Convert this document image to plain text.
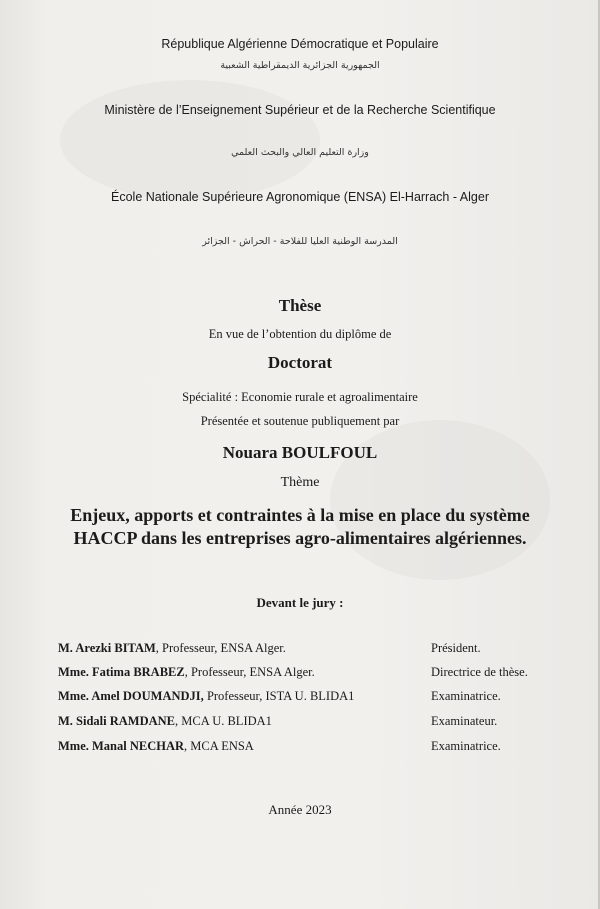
République Algérienne Démocratique et Populaire
الجمهورية الجزائرية الديمقراطية الشعبية
Ministère de l’Enseignement Supérieur et de la Recherche Scientifique
وزارة التعليم العالي والبحث العلمي
École Nationale Supérieure Agronomique (ENSA) El-Harrach - Alger
المدرسة الوطنية العليا للفلاحة - الحراش - الجزائر
Thèse
En vue de l’obtention du diplôme de
Doctorat
Spécialité : Economie rurale et agroalimentaire
Présentée et soutenue publiquement par
Nouara BOULFOUL
Thème
Enjeux, apports et contraintes à la mise en place du système
HACCP dans les entreprises agro-alimentaires algériennes.
Devant le jury :
M. Arezki BITAM, Professeur, ENSA Alger.	Président.
Mme. Fatima BRABEZ, Professeur, ENSA Alger.	Directrice de thèse.
Mme. Amel DOUMANDJI, Professeur, ISTA U. BLIDA1	Examinatrice.
M. Sidali RAMDANE, MCA U. BLIDA1	Examinateur.
Mme. Manal NECHAR, MCA ENSA	Examinatrice.
Année 2023
